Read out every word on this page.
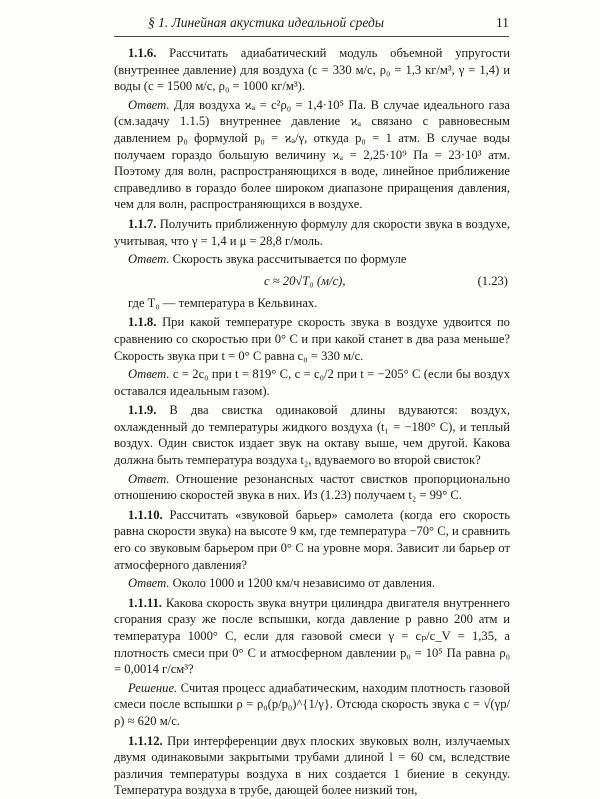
§ 1. Линейная акустика идеальной среды	11

1.1.6. Рассчитать адиабатический модуль объемной упругости (внутреннее давление) для воздуха (c = 330 м/с, ρ₀ = 1,3 кг/м³, γ = 1,4) и воды (c = 1500 м/с, ρ₀ = 1000 кг/м³).

Ответ. Для воздуха ϰₐ = c²ρ₀ = 1,4·10⁵ Па. В случае идеального газа (см.задачу 1.1.5) внутреннее давление ϰₐ связано с равновесным давлением p₀ формулой p₀ = ϰₐ/γ, откуда p₀ = 1 атм. В случае воды получаем гораздо большую величину ϰₐ = 2,25·10⁹ Па = 23·10³ атм. Поэтому для волн, распространяющихся в воде, линейное приближение справедливо в гораздо более широком диапазоне приращения давления, чем для волн, распространяющихся в воздухе.

1.1.7. Получить приближенную формулу для скорости звука в воздухе, учитывая, что γ = 1,4 и μ = 28,8 г/моль.

Ответ. Скорость звука рассчитывается по формуле

c ≈ 20√T₀ (м/с),	(1.23)

где T₀ — температура в Кельвинах.

1.1.8. При какой температуре скорость звука в воздухе удвоится по сравнению со скоростью при 0° С и при какой станет в два раза меньше? Скорость звука при t = 0° С равна c₀ = 330 м/с.

Ответ. c = 2c₀ при t = 819° С, c = c₀/2 при t = −205° С (если бы воздух оставался идеальным газом).

1.1.9. В два свистка одинаковой длины вдуваются: воздух, охлажденный до температуры жидкого воздуха (t₁ = −180° С), и теплый воздух. Один свисток издает звук на октаву выше, чем другой. Какова должна быть температура воздуха t₂, вдуваемого во второй свисток?

Ответ. Отношение резонансных частот свистков пропорционально отношению скоростей звука в них. Из (1.23) получаем t₂ = 99° С.

1.1.10. Рассчитать «звуковой барьер» самолета (когда его скорость равна скорости звука) на высоте 9 км, где температура −70° С, и сравнить его со звуковым барьером при 0° С на уровне моря. Зависит ли барьер от атмосферного давления?

Ответ. Около 1000 и 1200 км/ч независимо от давления.

1.1.11. Какова скорость звука внутри цилиндра двигателя внутреннего сгорания сразу же после вспышки, когда давление p равно 200 атм и температура 1000° С, если для газовой смеси γ = cₚ/c_V = 1,35, а плотность смеси при 0° С и атмосферном давлении p₀ = 10⁵ Па равна ρ₀ = 0,0014 г/см³?

Решение. Считая процесс адиабатическим, находим плотность газовой смеси после вспышки ρ = ρ₀(p/p₀)^{1/γ}. Отсюда скорость звука c = √(γp/ρ) ≈ 620 м/с.

1.1.12. При интерференции двух плоских звуковых волн, излучаемых двумя одинаковыми закрытыми трубами длиной l = 60 см, вследствие различия температуры воздуха в них создается 1 биение в секунду. Температура воздуха в трубе, дающей более низкий тон,
